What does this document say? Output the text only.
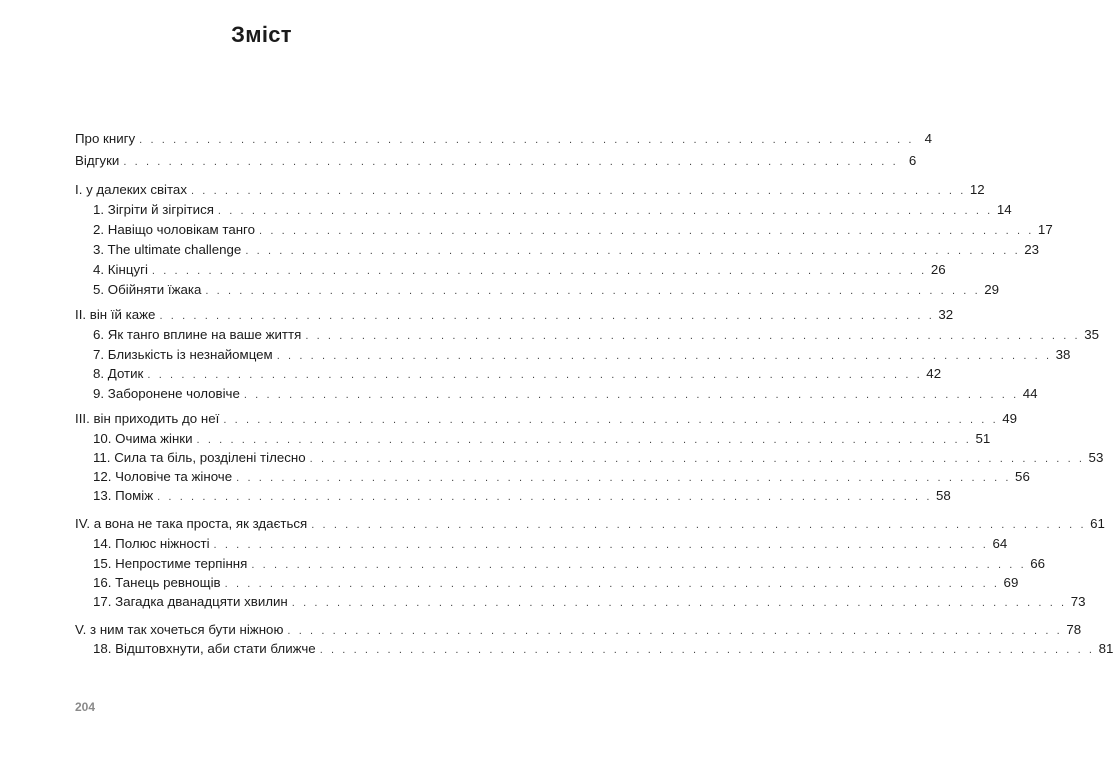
Зміст
Про книгу . . . . . . . . . . . . . . . . . . . . . . . . . . . . . . . . . . . . . . . . . . . . . . . . . . . . . . . . . . . . . . . . . . . . . 4
Відгуки . . . . . . . . . . . . . . . . . . . . . . . . . . . . . . . . . . . . . . . . . . . . . . . . . . . . . . . . . . . . . . . . . . . . . 6
І. у далеких світах . . . . . . . . . . . . . . . . . . . . . . . . . . . . . . . . . . . . . . . . . . . . . . . . . . . . . . . . . . . . . . . . . . . . . 12
1. Зігріти й зігрітися . . . . . . . . . . . . . . . . . . . . . . . . . . . . . . . . . . . . . . . . . . . . . . . . . . . . . . . . . . . . . . . . . . . . . 14
2. Навіщо чоловікам танго . . . . . . . . . . . . . . . . . . . . . . . . . . . . . . . . . . . . . . . . . . . . . . . . . . . . . . . . . . . . . . . . . . . . . 17
3. The ultimate challenge . . . . . . . . . . . . . . . . . . . . . . . . . . . . . . . . . . . . . . . . . . . . . . . . . . . . . . . . . . . . . . . . . . . . . 23
4. Кінцугі . . . . . . . . . . . . . . . . . . . . . . . . . . . . . . . . . . . . . . . . . . . . . . . . . . . . . . . . . . . . . . . . . . . . . 26
5. Обійняти їжака . . . . . . . . . . . . . . . . . . . . . . . . . . . . . . . . . . . . . . . . . . . . . . . . . . . . . . . . . . . . . . . . . . . . . 29
ІІ. він їй каже . . . . . . . . . . . . . . . . . . . . . . . . . . . . . . . . . . . . . . . . . . . . . . . . . . . . . . . . . . . . . . . . . . . . . 32
6. Як танго вплине на ваше життя . . . . . . . . . . . . . . . . . . . . . . . . . . . . . . . . . . . . . . . . . . . . . . . . . . . . . . . . . . . . . . . . . . . . . 35
7. Близькість із незнайомцем . . . . . . . . . . . . . . . . . . . . . . . . . . . . . . . . . . . . . . . . . . . . . . . . . . . . . . . . . . . . . . . . . . . . . 38
8. Дотик . . . . . . . . . . . . . . . . . . . . . . . . . . . . . . . . . . . . . . . . . . . . . . . . . . . . . . . . . . . . . . . . . . . . . 42
9. Заборонене чоловіче . . . . . . . . . . . . . . . . . . . . . . . . . . . . . . . . . . . . . . . . . . . . . . . . . . . . . . . . . . . . . . . . . . . . . 44
ІІІ. він приходить до неї . . . . . . . . . . . . . . . . . . . . . . . . . . . . . . . . . . . . . . . . . . . . . . . . . . . . . . . . . . . . . . . . . . . . . 49
10. Очима жінки . . . . . . . . . . . . . . . . . . . . . . . . . . . . . . . . . . . . . . . . . . . . . . . . . . . . . . . . . . . . . . . . . . . . . 51
11. Сила та біль, розділені тілесно . . . . . . . . . . . . . . . . . . . . . . . . . . . . . . . . . . . . . . . . . . . . . . . . . . . . . . . . . . . . . . . . . . . . . 53
12. Чоловіче та жіноче . . . . . . . . . . . . . . . . . . . . . . . . . . . . . . . . . . . . . . . . . . . . . . . . . . . . . . . . . . . . . . . . . . . . . 56
13. Поміж . . . . . . . . . . . . . . . . . . . . . . . . . . . . . . . . . . . . . . . . . . . . . . . . . . . . . . . . . . . . . . . . . . . . . 58
IV. а вона не така проста, як здається . . . . . . . . . . . . . . . . . . . . . . . . . . . . . . . . . . . . . . . . . . . . . . . . . . . . . . . . . . . . . . . . . . . . . 61
14. Полюс ніжності . . . . . . . . . . . . . . . . . . . . . . . . . . . . . . . . . . . . . . . . . . . . . . . . . . . . . . . . . . . . . . . . . . . . . 64
15. Непростиме терпіння . . . . . . . . . . . . . . . . . . . . . . . . . . . . . . . . . . . . . . . . . . . . . . . . . . . . . . . . . . . . . . . . . . . . . 66
16. Танець ревнощів . . . . . . . . . . . . . . . . . . . . . . . . . . . . . . . . . . . . . . . . . . . . . . . . . . . . . . . . . . . . . . . . . . . . . 69
17. Загадка дванадцяти хвилин . . . . . . . . . . . . . . . . . . . . . . . . . . . . . . . . . . . . . . . . . . . . . . . . . . . . . . . . . . . . . . . . . . . . . 73
V. з ним так хочеться бути ніжною . . . . . . . . . . . . . . . . . . . . . . . . . . . . . . . . . . . . . . . . . . . . . . . . . . . . . . . . . . . . . . . . . . . . . 78
18. Відштовхнути, аби стати ближче . . . . . . . . . . . . . . . . . . . . . . . . . . . . . . . . . . . . . . . . . . . . . . . . . . . . . . . . . . . . . . . . . . . . . 81
204
